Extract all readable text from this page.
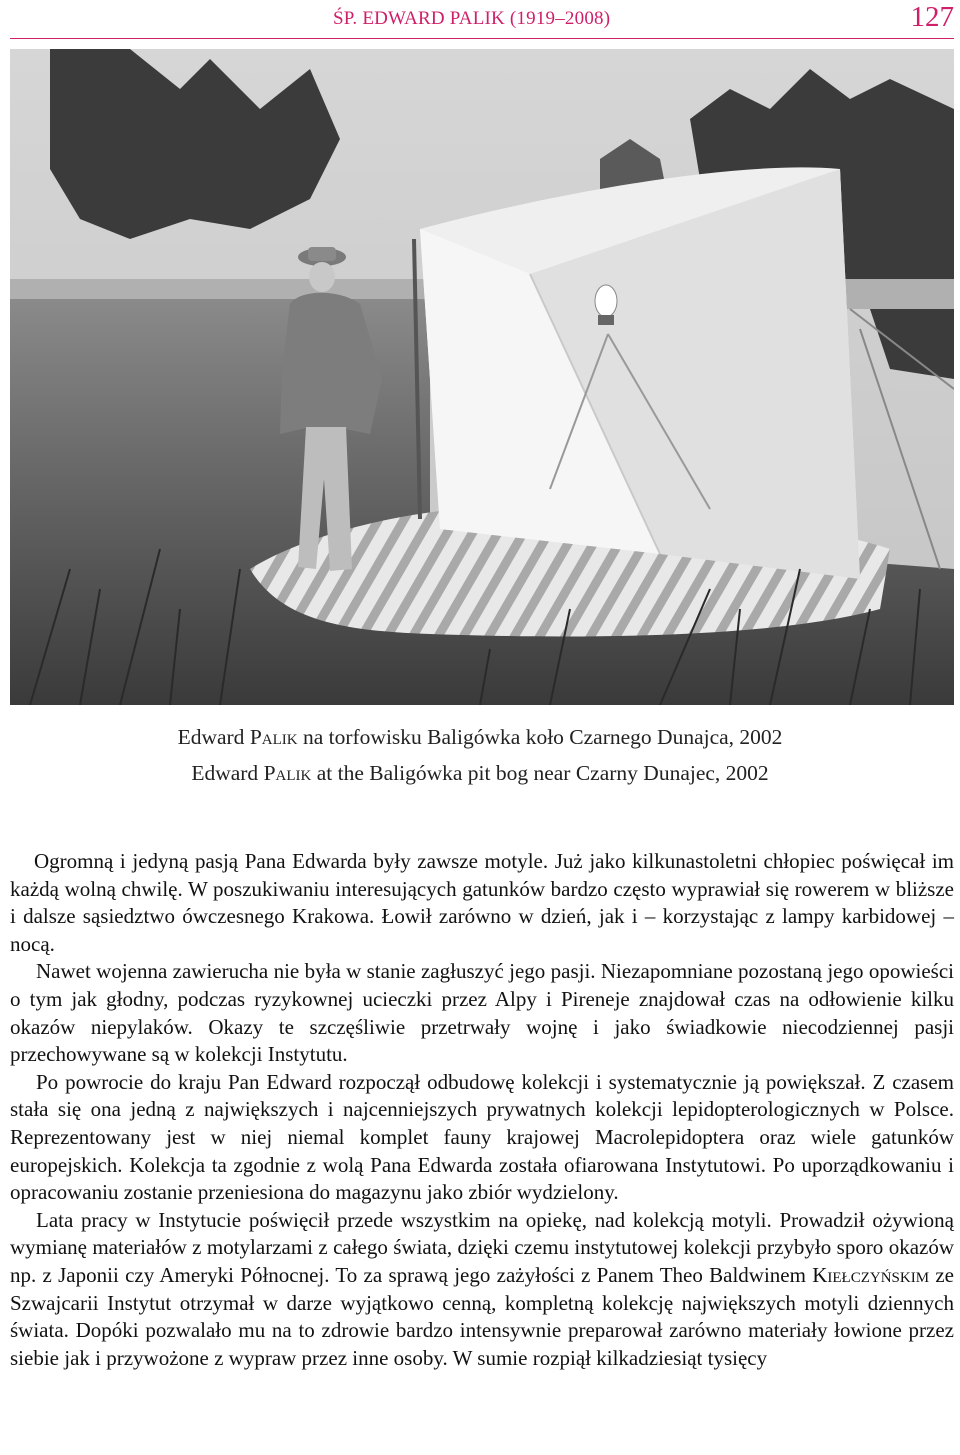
ŚP. EDWARD PALIK (1919–2008)	127
Edward Palik na torfowisku Baligówka koło Czarnego Dunajca, 2002
Edward Palik at the Baligówka pit bog near Czarny Dunajec, 2002

Ogromną i jedyną pasją Pana Edwarda były zawsze motyle. Już jako kilkunastoletni chłopiec poświęcał im każdą wolną chwilę. W poszukiwaniu interesujących gatunków bardzo często wyprawiał się rowerem w bliższe i dalsze sąsiedztwo ówczesnego Krakowa. Łowił zarówno w dzień, jak i – korzystając z lampy karbidowej – nocą.

Nawet wojenna zawierucha nie była w stanie zagłuszyć jego pasji. Niezapomniane pozostaną jego opowieści o tym jak głodny, podczas ryzykownej ucieczki przez Alpy i Pireneje znajdował czas na odłowienie kilku okazów niepylaków. Okazy te szczęśliwie przetrwały wojnę i jako świadkowie niecodziennej pasji przechowywane są w kolekcji Instytutu.

Po powrocie do kraju Pan Edward rozpoczął odbudowę kolekcji i systematycznie ją powiększał. Z czasem stała się ona jedną z największych i najcenniejszych prywatnych kolekcji lepidopterologicznych w Polsce. Reprezentowany jest w niej niemal komplet fauny krajowej Macrolepidoptera oraz wiele gatunków europejskich. Kolekcja ta zgodnie z wolą Pana Edwarda została ofiarowana Instytutowi. Po uporządkowaniu i opracowaniu zostanie przeniesiona do magazynu jako zbiór wydzielony.

Lata pracy w Instytucie poświęcił przede wszystkim na opiekę, nad kolekcją motyli. Prowadził ożywioną wymianę materiałów z motylarzami z całego świata, dzięki czemu instytutowej kolekcji przybyło sporo okazów np. z Japonii czy Ameryki Północnej. To za sprawą jego zażyłości z Panem Theo Baldwinem Kiełczyńskim ze Szwajcarii Instytut otrzymał w darze wyjątkowo cenną, kompletną kolekcję największych motyli dziennych świata. Dopóki pozwalało mu na to zdrowie bardzo intensywnie preparował zarówno materiały łowione przez siebie jak i przywożone z wypraw przez inne osoby. W sumie rozpiął kilkadziesiąt tysięcy
